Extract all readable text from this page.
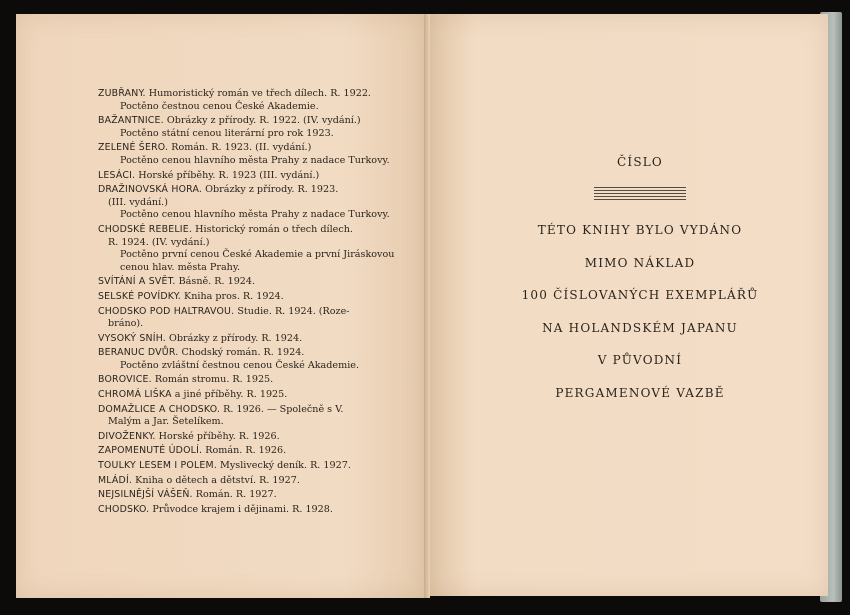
ZUBŘANY. Humoristický román ve třech dílech. R. 1922.
Poctěno čestnou cenou České Akademie.
BAŽANTNICE. Obrázky z přírody. R. 1922. (IV. vydání.)
Poctěno státní cenou literární pro rok 1923.
ZELENÉ ŠERO. Román. R. 1923. (II. vydání.)
Poctěno cenou hlavního města Prahy z nadace Turkovy.
LESÁCI. Horské příběhy. R. 1923 (III. vydání.)
DRAŽINOVSKÁ HORA. Obrázky z přírody. R. 1923.
(III. vydání.)
Poctěno cenou hlavního města Prahy z nadace Turkovy.
CHODSKÉ REBELIE. Historický román o třech dílech.
R. 1924. (IV. vydání.)
Poctěno první cenou České Akademie a první Jiráskovou
cenou hlav. města Prahy.
SVÍTÁNÍ A SVĚT. Básně. R. 1924.
SELSKÉ POVÍDKY. Kniha pros. R. 1924.
CHODSKO POD HALTRAVOU. Studie. R. 1924. (Roze-
bráno).
VYSOKÝ SNÍH. Obrázky z přírody. R. 1924.
BERANUC DVŮR. Chodský román. R. 1924.
Poctěno zvláštní čestnou cenou České Akademie.
BOROVICE. Román stromu. R. 1925.
CHROMÁ LIŠKA a jiné příběhy. R. 1925.
DOMAŽLICE A CHODSKO. R. 1926. — Společně s V.
Malým a Jar. Šetelíkem.
DIVOŽENKY. Horské příběhy. R. 1926.
ZAPOMENUTÉ ÚDOLÍ. Román. R. 1926.
TOULKY LESEM I POLEM. Myslivecký deník. R. 1927.
MLÁDÍ. Kniha o dětech a dětství. R. 1927.
NEJSILNĚJŠÍ VÁŠEŇ. Román. R. 1927.
CHODSKO. Průvodce krajem i dějinami. R. 1928.
ČÍSLO
TÉTO KNIHY BYLO VYDÁNO
MIMO NÁKLAD
100 ČÍSLOVANÝCH EXEMPLÁŘŮ
NA HOLANDSKÉM JAPANU
V PŮVODNÍ
PERGAMENOVÉ VAZBĚ
